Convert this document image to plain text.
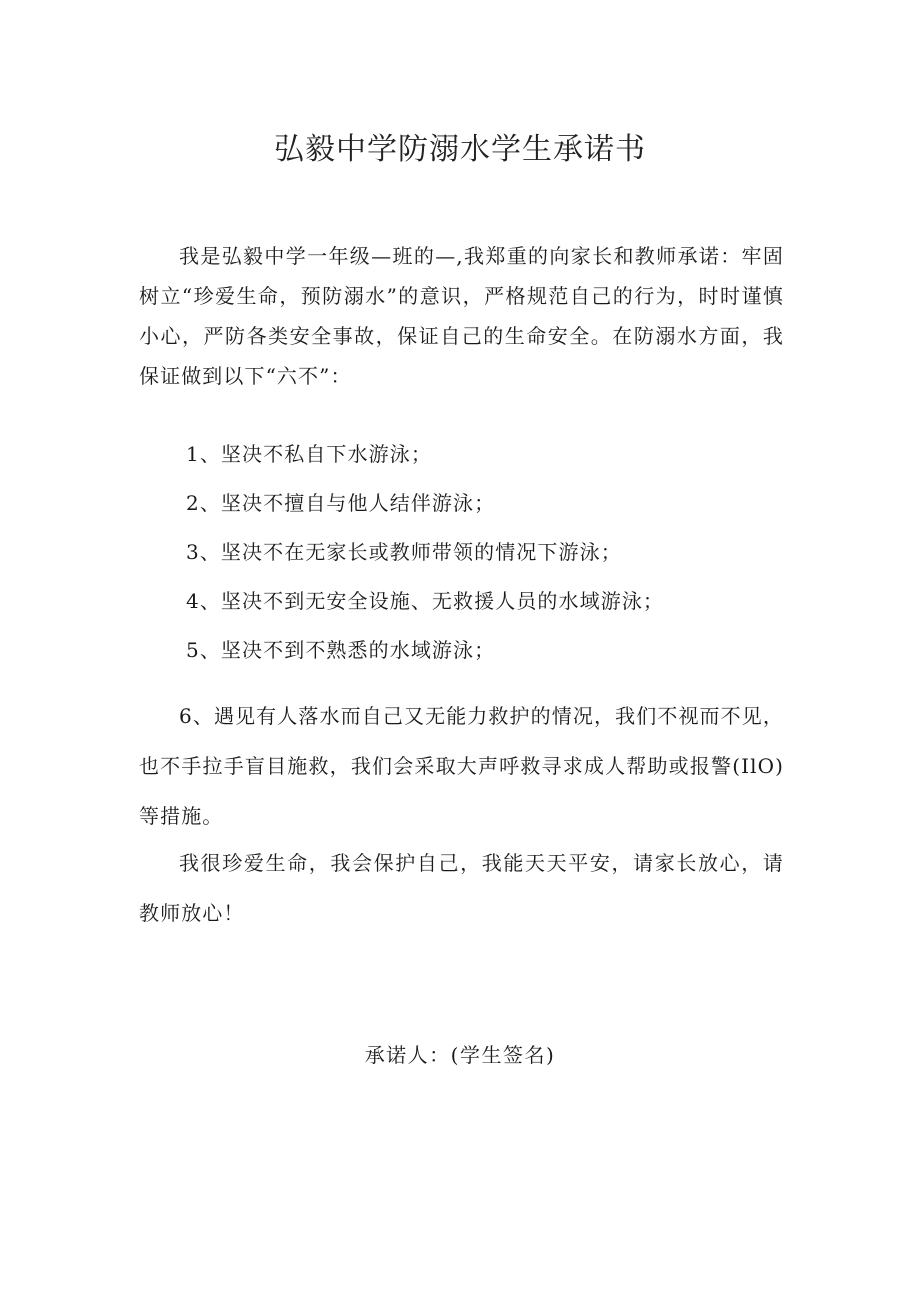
弘毅中学防溺水学生承诺书

我是弘毅中学一年级—班的—,我郑重的向家长和教师承诺：牢固树立“珍爱生命，预防溺水”的意识，严格规范自己的行为，时时谨慎小心，严防各类安全事故，保证自己的生命安全。在防溺水方面，我保证做到以下“六不”：

1、坚决不私自下水游泳；

2、坚决不擅自与他人结伴游泳；

3、坚决不在无家长或教师带领的情况下游泳；

4、坚决不到无安全设施、无救援人员的水域游泳；

5、坚决不到不熟悉的水域游泳；

6、遇见有人落水而自己又无能力救护的情况，我们不视而不见，也不手拉手盲目施救，我们会采取大声呼救寻求成人帮助或报警(IlO)等措施。

我很珍爱生命，我会保护自己，我能天天平安，请家长放心，请教师放心！

承诺人：(学生签名)
